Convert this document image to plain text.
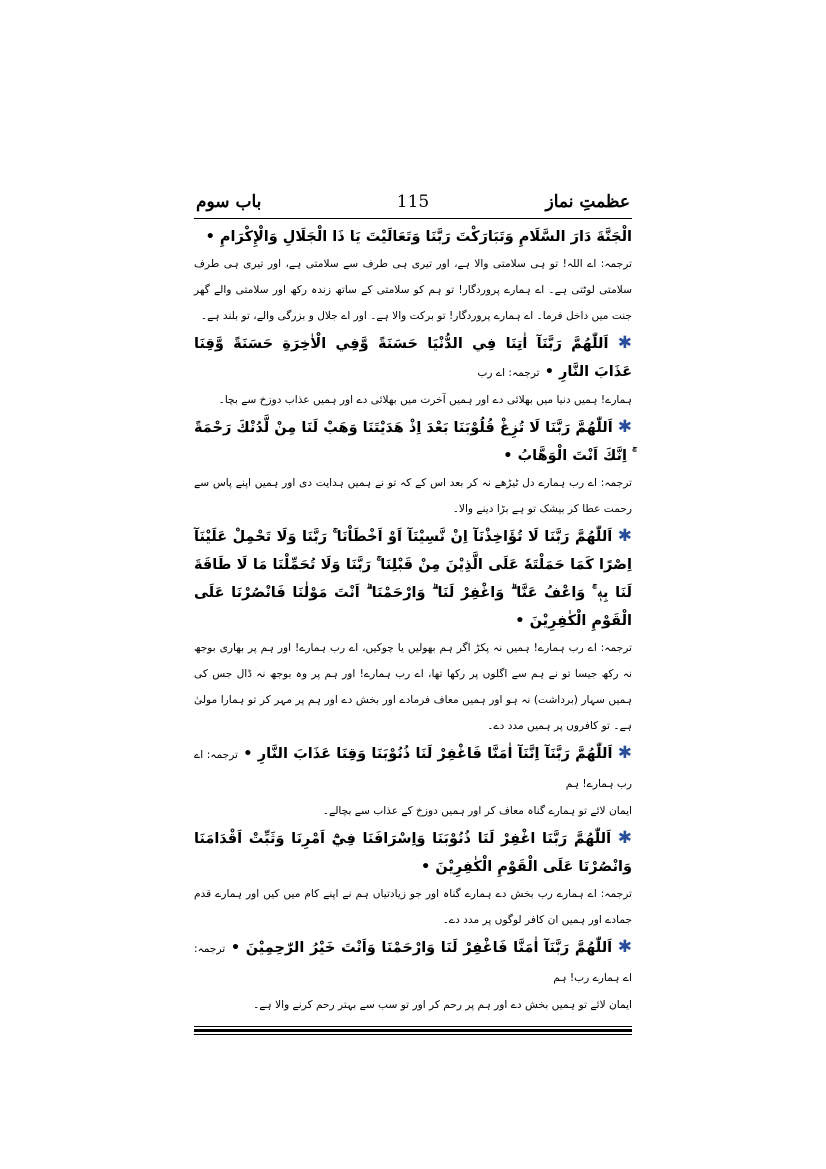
عظمتِ نماز
115
باب سوم

الْجَنَّةَ دَارَ السَّلَامِ وَتَبَارَكْتَ رَبَّنَا وَتَعَالَيْتَ يَا ذَا الْجَلَالِ وَالْإِكْرَامِ •

ترجمہ: اے اللہ! تو ہی سلامتی والا ہے، اور تیری ہی طرف سے سلامتی ہے، اور تیری ہی طرف سلامتی لوٹتی ہے۔ اے ہمارے پروردگار! تو ہم کو سلامتی کے ساتھ زندہ رکھ اور سلامتی والے گھر جنت میں داخل فرما۔ اے ہمارے پروردگار! تو برکت والا ہے۔ اور اے جلال و بزرگی والے، تو بلند ہے۔

✱ اَللّٰهُمَّ رَبَّنَآ اٰتِنَا فِي الدُّنْيَا حَسَنَةً وَّفِي الْاٰخِرَةِ حَسَنَةً وَّقِنَا عَذَابَ النَّارِ • ترجمہ: اے رب

ہمارے! ہمیں دنیا میں بھلائی دے اور ہمیں آخرت میں بھلائی دے اور ہمیں عذاب دوزخ سے بچا۔

✱ اَللّٰهُمَّ رَبَّنَا لَا تُزِغْ قُلُوْبَنَا بَعْدَ اِذْ هَدَيْتَنَا وَهَبْ لَنَا مِنْ لَّدُنْكَ رَحْمَةً ۚ اِنَّكَ اَنْتَ الْوَهَّابُ •

ترجمہ: اے رب ہمارے دل ٹیڑھے نہ کر بعد اس کے کہ تو نے ہمیں ہدایت دی اور ہمیں اپنے پاس سے رحمت عطا کر بیشک تو ہے بڑا دینے والا۔

✱ اَللّٰهُمَّ رَبَّنَا لَا تُؤَاخِذْنَآ اِنْ نَّسِيْنَآ اَوْ اَخْطَاْنَا ۚ رَبَّنَا وَلَا تَحْمِلْ عَلَيْنَآ اِصْرًا كَمَا حَمَلْتَهٗ عَلَى الَّذِيْنَ مِنْ قَبْلِنَا ۚ رَبَّنَا وَلَا تُحَمِّلْنَا مَا لَا طَاقَةَ لَنَا بِهٖ ۚ وَاعْفُ عَنَّا ۗ وَاغْفِرْ لَنَا ۗ وَارْحَمْنَا ۗ اَنْتَ مَوْلٰنَا فَانْصُرْنَا عَلَى الْقَوْمِ الْكٰفِرِيْنَ •

ترجمہ: اے رب ہمارے! ہمیں نہ پکڑ اگر ہم بھولیں یا چوکیں، اے رب ہمارے! اور ہم پر بھاری بوجھ نہ رکھ جیسا تو نے ہم سے اگلوں پر رکھا تھا، اے رب ہمارے! اور ہم پر وہ بوجھ نہ ڈال جس کی ہمیں سہار (برداشت) نہ ہو اور ہمیں معاف فرمادے اور بخش دے اور ہم پر مہر کر تو ہمارا مولیٰ ہے۔ تو کافروں پر ہمیں مدد دے۔

✱ اَللّٰهُمَّ رَبَّنَآ اِنَّنَآ اٰمَنَّا فَاغْفِرْ لَنَا ذُنُوْبَنَا وَقِنَا عَذَابَ النَّارِ • ترجمہ: اے رب ہمارے! ہم

ایمان لائے تو ہمارے گناہ معاف کر اور ہمیں دوزخ کے عذاب سے بچالے۔

✱ اَللّٰهُمَّ رَبَّنَا اغْفِرْ لَنَا ذُنُوْبَنَا وَاِسْرَافَنَا فِيْٓ اَمْرِنَا وَثَبِّتْ اَقْدَامَنَا وَانْصُرْنَا عَلَى الْقَوْمِ الْكٰفِرِيْنَ •

ترجمہ: اے ہمارے رب بخش دے ہمارے گناہ اور جو زیادتیاں ہم نے اپنے کام میں کیں اور ہمارے قدم جمادے اور ہمیں ان کافر لوگوں پر مدد دے۔

✱ اَللّٰهُمَّ رَبَّنَآ اٰمَنَّا فَاغْفِرْ لَنَا وَارْحَمْنَا وَاَنْتَ خَيْرُ الرّٰحِمِيْنَ • ترجمہ: اے ہمارے رب! ہم

ایمان لائے تو ہمیں بخش دے اور ہم پر رحم کر اور تو سب سے بہتر رحم کرنے والا ہے۔
